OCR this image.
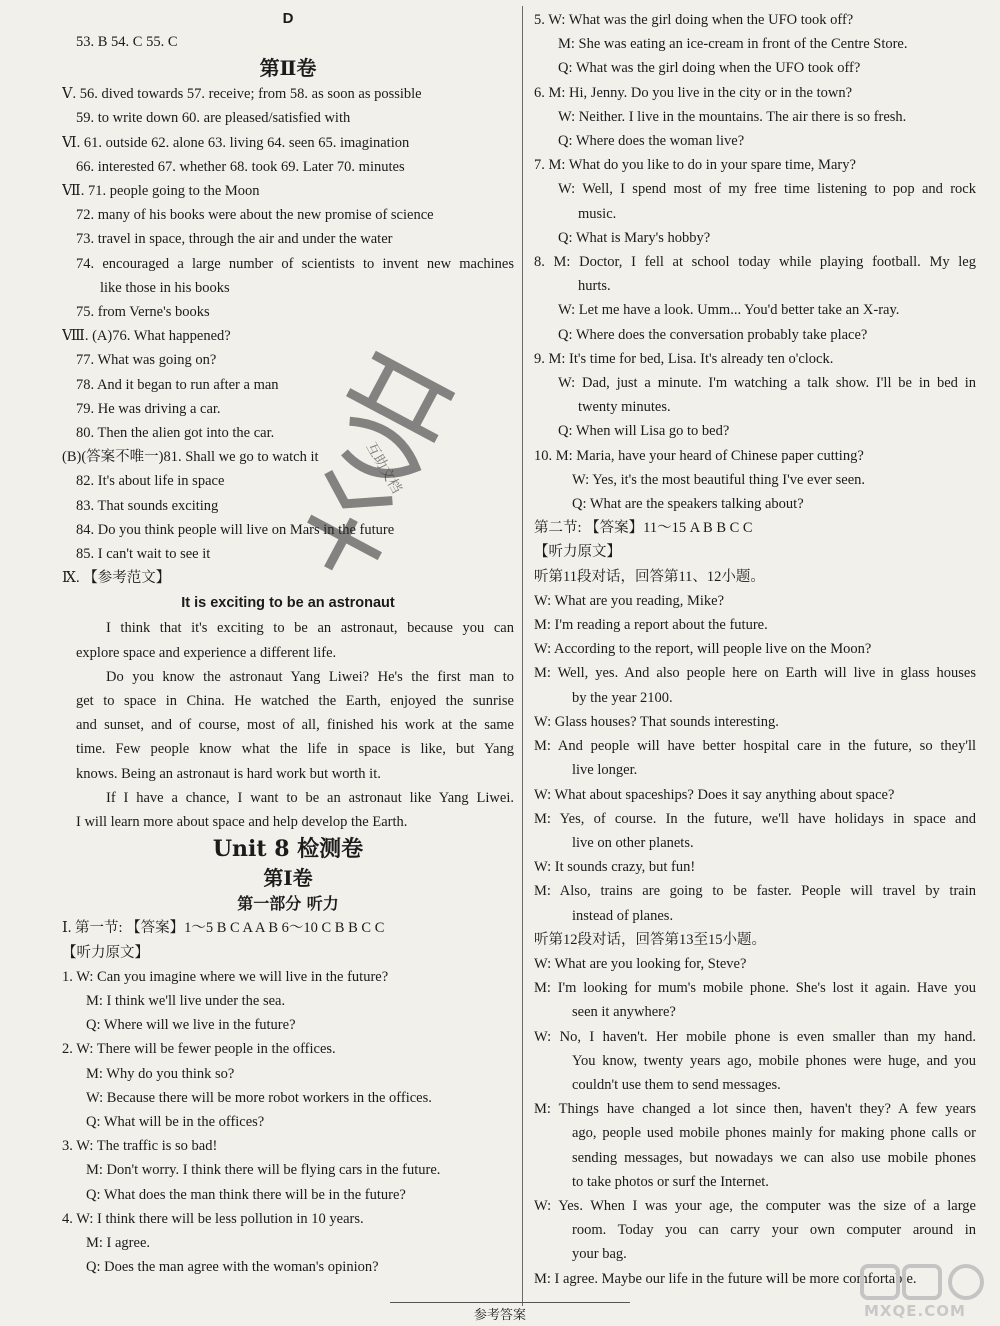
D
53. B 54. C 55. C
第Ⅱ卷
Ⅴ. 56. dived towards 57. receive; from 58. as soon as possible
59. to write down 60. are pleased/satisfied with
Ⅵ. 61. outside 62. alone 63. living 64. seen 65. imagination
66. interested 67. whether 68. took 69. Later 70. minutes
Ⅶ. 71. people going to the Moon
72. many of his books were about the new promise of science
73. travel in space, through the air and under the water
74. encouraged a large number of scientists to invent new machines
like those in his books
75. from Verne's books
Ⅷ. (A)76. What happened?
77. What was going on?
78. And it began to run after a man
79. He was driving a car.
80. Then the alien got into the car.
(B)(答案不唯一)81. Shall we go to watch it
82. It's about life in space
83. That sounds exciting
84. Do you think people will live on Mars in the future
85. I can't wait to see it
Ⅸ. 【参考范文】
It is exciting to be an astronaut
I think that it's exciting to be an astronaut, because you can
explore space and experience a different life.
Do you know the astronaut Yang Liwei? He's the first man to
get to space in China. He watched the Earth, enjoyed the sunrise
and sunset, and of course, most of all, finished his work at the same
time. Few people know what the life in space is like, but Yang
knows. Being an astronaut is hard work but worth it.
If I have a chance, I want to be an astronaut like Yang Liwei.
I will learn more about space and help develop the Earth.
Unit 8 检测卷
第Ⅰ卷
第一部分 听力
Ⅰ. 第一节: 【答案】1～5 B C A A B 6～10 C B B C C
【听力原文】
1. W: Can you imagine where we will live in the future?
M: I think we'll live under the sea.
Q: Where will we live in the future?
2. W: There will be fewer people in the offices.
M: Why do you think so?
W: Because there will be more robot workers in the offices.
Q: What will be in the offices?
3. W: The traffic is so bad!
M: Don't worry. I think there will be flying cars in the future.
Q: What does the man think there will be in the future?
4. W: I think there will be less pollution in 10 years.
M: I agree.
Q: Does the man agree with the woman's opinion?
5. W: What was the girl doing when the UFO took off?
M: She was eating an ice-cream in front of the Centre Store.
Q: What was the girl doing when the UFO took off?
6. M: Hi, Jenny. Do you live in the city or in the town?
W: Neither. I live in the mountains. The air there is so fresh.
Q: Where does the woman live?
7. M: What do you like to do in your spare time, Mary?
W: Well, I spend most of my free time listening to pop and rock
music.
Q: What is Mary's hobby?
8. M: Doctor, I fell at school today while playing football. My leg
hurts.
W: Let me have a look. Umm... You'd better take an X-ray.
Q: Where does the conversation probably take place?
9. M: It's time for bed, Lisa. It's already ten o'clock.
W: Dad, just a minute. I'm watching a talk show. I'll be in bed in
twenty minutes.
Q: When will Lisa go to bed?
10. M: Maria, have your heard of Chinese paper cutting?
W: Yes, it's the most beautiful thing I've ever seen.
Q: What are the speakers talking about?
第二节: 【答案】11～15 A B B C C
【听力原文】
听第11段对话，回答第11、12小题。
W: What are you reading, Mike?
M: I'm reading a report about the future.
W: According to the report, will people live on the Moon?
M: Well, yes. And also people here on Earth will live in glass houses
by the year 2100.
W: Glass houses? That sounds interesting.
M: And people will have better hospital care in the future, so they'll
live longer.
W: What about spaceships? Does it say anything about space?
M: Yes, of course. In the future, we'll have holidays in space and
live on other planets.
W: It sounds crazy, but fun!
M: Also, trains are going to be faster. People will travel by train
instead of planes.
听第12段对话，回答第13至15小题。
W: What are you looking for, Steve?
M: I'm looking for mum's mobile phone. She's lost it again. Have you
seen it anywhere?
W: No, I haven't. Her mobile phone is even smaller than my hand.
You know, twenty years ago, mobile phones were huge, and you
couldn't use them to send messages.
M: Things have changed a lot since then, haven't they? A few years
ago, people used mobile phones mainly for making phone calls or
sending messages, but nowadays we can also use mobile phones
to take photos or surf the Internet.
W: Yes. When I was your age, the computer was the size of a large
room. Today you can carry your own computer around in
your bag.
M: I agree. Maybe our life in the future will be more comfortable.
互助文档
参考答案	MXQE.COM
